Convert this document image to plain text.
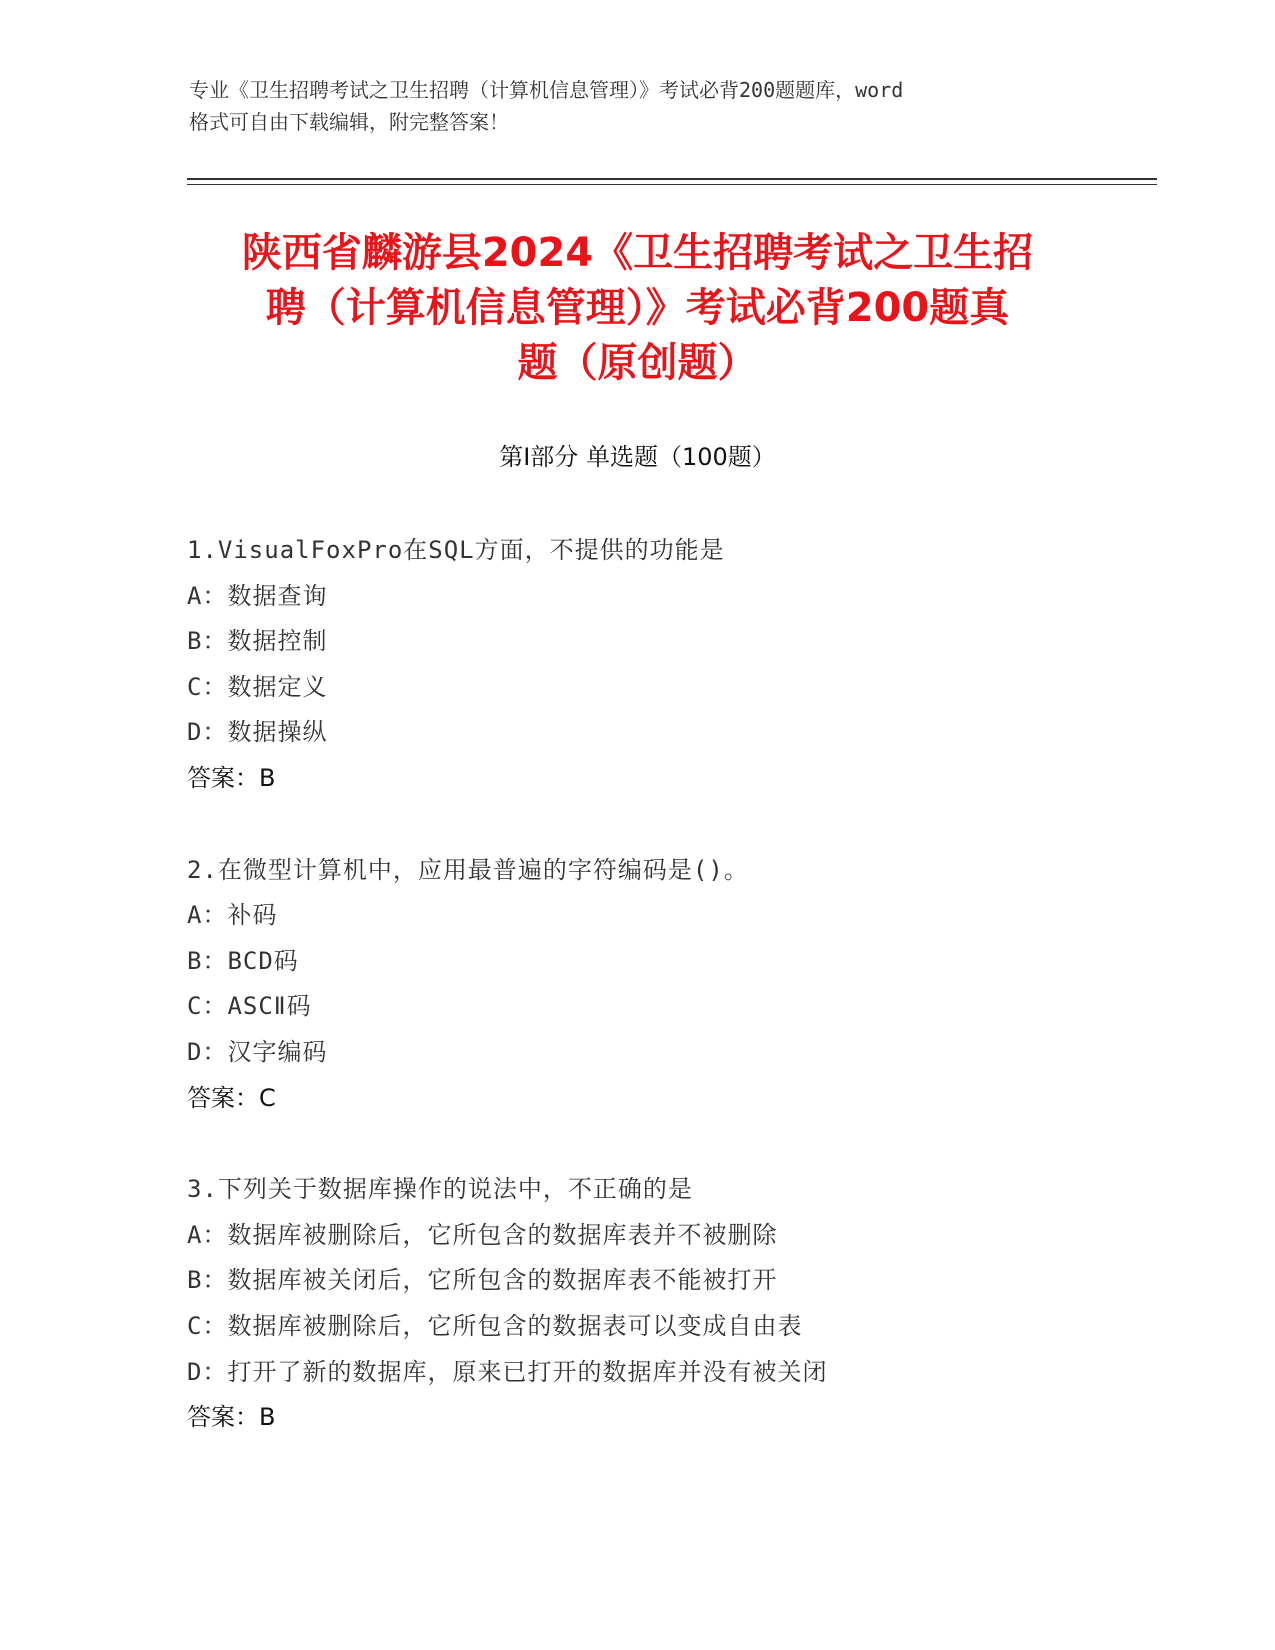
专业《卫生招聘考试之卫生招聘（计算机信息管理）》考试必背200题题库，word
格式可自由下载编辑，附完整答案！
陕西省麟游县2024《卫生招聘考试之卫生招
聘（计算机信息管理）》考试必背200题真
题（原创题）
第Ⅰ部分 单选题（100题）
1.VisualFoxPro在SQL方面，不提供的功能是
A：数据查询
B：数据控制
C：数据定义
D：数据操纵
答案：B
2.在微型计算机中，应用最普遍的字符编码是()。
A：补码
B：BCD码
C：ASCⅡ码
D：汉字编码
答案：C
3.下列关于数据库操作的说法中，不正确的是
A：数据库被删除后，它所包含的数据库表并不被删除
B：数据库被关闭后，它所包含的数据库表不能被打开
C：数据库被删除后，它所包含的数据表可以变成自由表
D：打开了新的数据库，原来已打开的数据库并没有被关闭
答案：B
